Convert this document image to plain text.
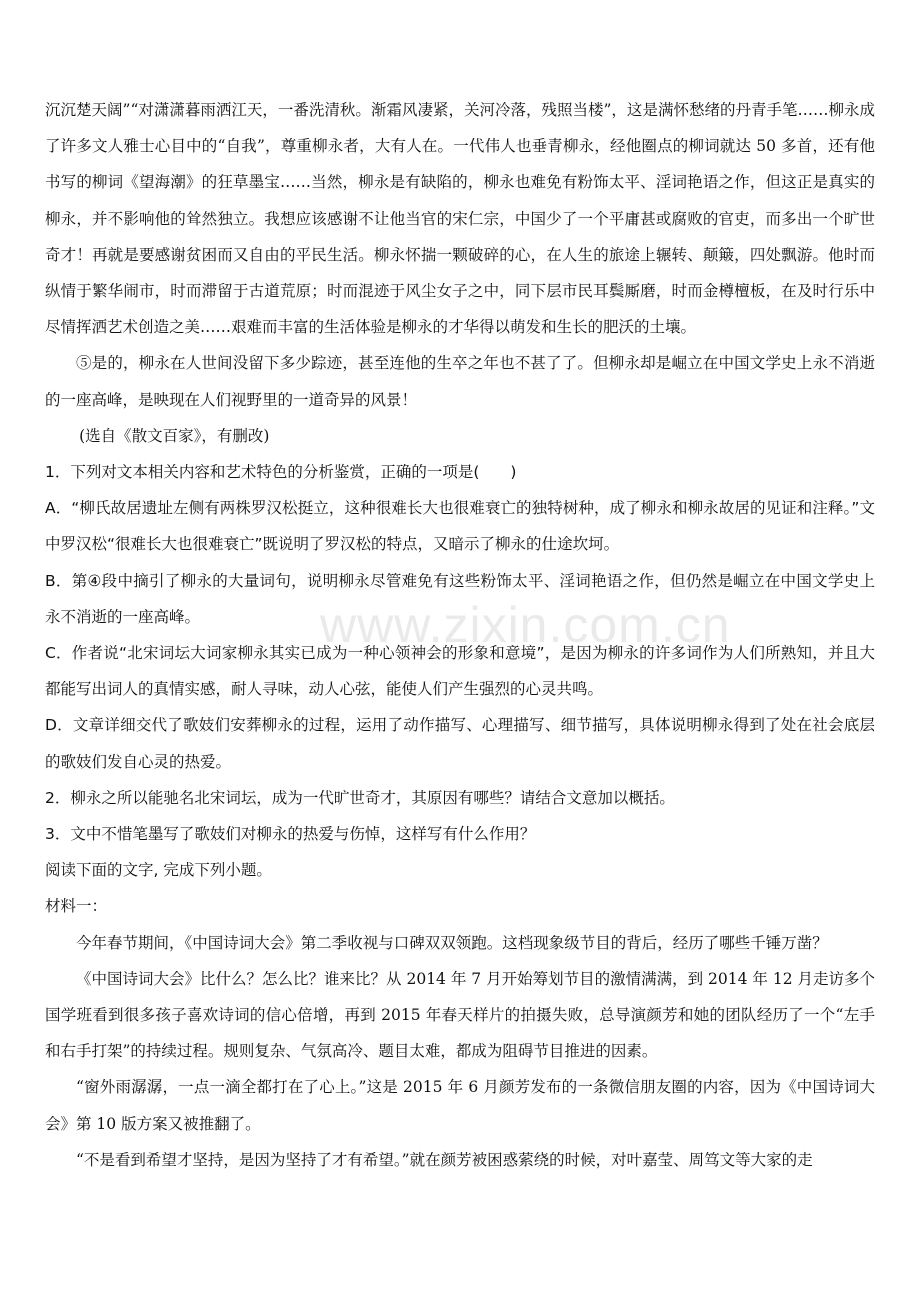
www.zixin.com.cn

沉沉楚天阔”“对潇潇暮雨洒江天，一番洗清秋。渐霜风凄紧，关河冷落，残照当楼”，这是满怀愁绪的丹青手笔……柳永成了许多文人雅士心目中的“自我”，尊重柳永者，大有人在。一代伟人也垂青柳永，经他圈点的柳词就达 50 多首，还有他书写的柳词《望海潮》的狂草墨宝……当然，柳永是有缺陷的，柳永也难免有粉饰太平、淫词艳语之作，但这正是真实的柳永，并不影响他的耸然独立。我想应该感谢不让他当官的宋仁宗，中国少了一个平庸甚或腐败的官吏，而多出一个旷世奇才！再就是要感谢贫困而又自由的平民生活。柳永怀揣一颗破碎的心，在人生的旅途上辗转、颠簸，四处飘游。他时而纵情于繁华闹市，时而滞留于古道荒原；时而混迹于风尘女子之中，同下层市民耳鬓厮磨，时而金樽檀板，在及时行乐中尽情挥洒艺术创造之美……艰难而丰富的生活体验是柳永的才华得以萌发和生长的肥沃的土壤。

⑤是的，柳永在人世间没留下多少踪迹，甚至连他的生卒之年也不甚了了。但柳永却是崛立在中国文学史上永不消逝的一座高峰，是映现在人们视野里的一道奇异的风景！

(选自《散文百家》，有删改)

1．下列对文本相关内容和艺术特色的分析鉴赏，正确的一项是(　　)

A．“柳氏故居遗址左侧有两株罗汉松挺立，这种很难长大也很难衰亡的独特树种，成了柳永和柳永故居的见证和注释。”文中罗汉松“很难长大也很难衰亡”既说明了罗汉松的特点，又暗示了柳永的仕途坎坷。

B．第④段中摘引了柳永的大量词句，说明柳永尽管难免有这些粉饰太平、淫词艳语之作，但仍然是崛立在中国文学史上永不消逝的一座高峰。

C．作者说“北宋词坛大词家柳永其实已成为一种心领神会的形象和意境”，是因为柳永的许多词作为人们所熟知，并且大都能写出词人的真情实感，耐人寻味，动人心弦，能使人们产生强烈的心灵共鸣。

D．文章详细交代了歌妓们安葬柳永的过程，运用了动作描写、心理描写、细节描写，具体说明柳永得到了处在社会底层的歌妓们发自心灵的热爱。

2．柳永之所以能驰名北宋词坛，成为一代旷世奇才，其原因有哪些？请结合文意加以概括。

3．文中不惜笔墨写了歌妓们对柳永的热爱与伤悼，这样写有什么作用？

阅读下面的文字, 完成下列小题。

材料一：

今年春节期间，《中国诗词大会》第二季收视与口碑双双领跑。这档现象级节目的背后，经历了哪些千锤万凿？

《中国诗词大会》比什么？怎么比？谁来比？从 2014 年 7 月开始筹划节目的激情满满，到 2014 年 12 月走访多个国学班看到很多孩子喜欢诗词的信心倍增，再到 2015 年春天样片的拍摄失败，总导演颜芳和她的团队经历了一个“左手和右手打架”的持续过程。规则复杂、气氛高冷、题目太难，都成为阻碍节目推进的因素。

“窗外雨潺潺，一点一滴全都打在了心上。”这是 2015 年 6 月颜芳发布的一条微信朋友圈的内容，因为《中国诗词大会》第 10 版方案又被推翻了。

“不是看到希望才坚持，是因为坚持了才有希望。”就在颜芳被困惑萦绕的时候，对叶嘉莹、周笃文等大家的走
